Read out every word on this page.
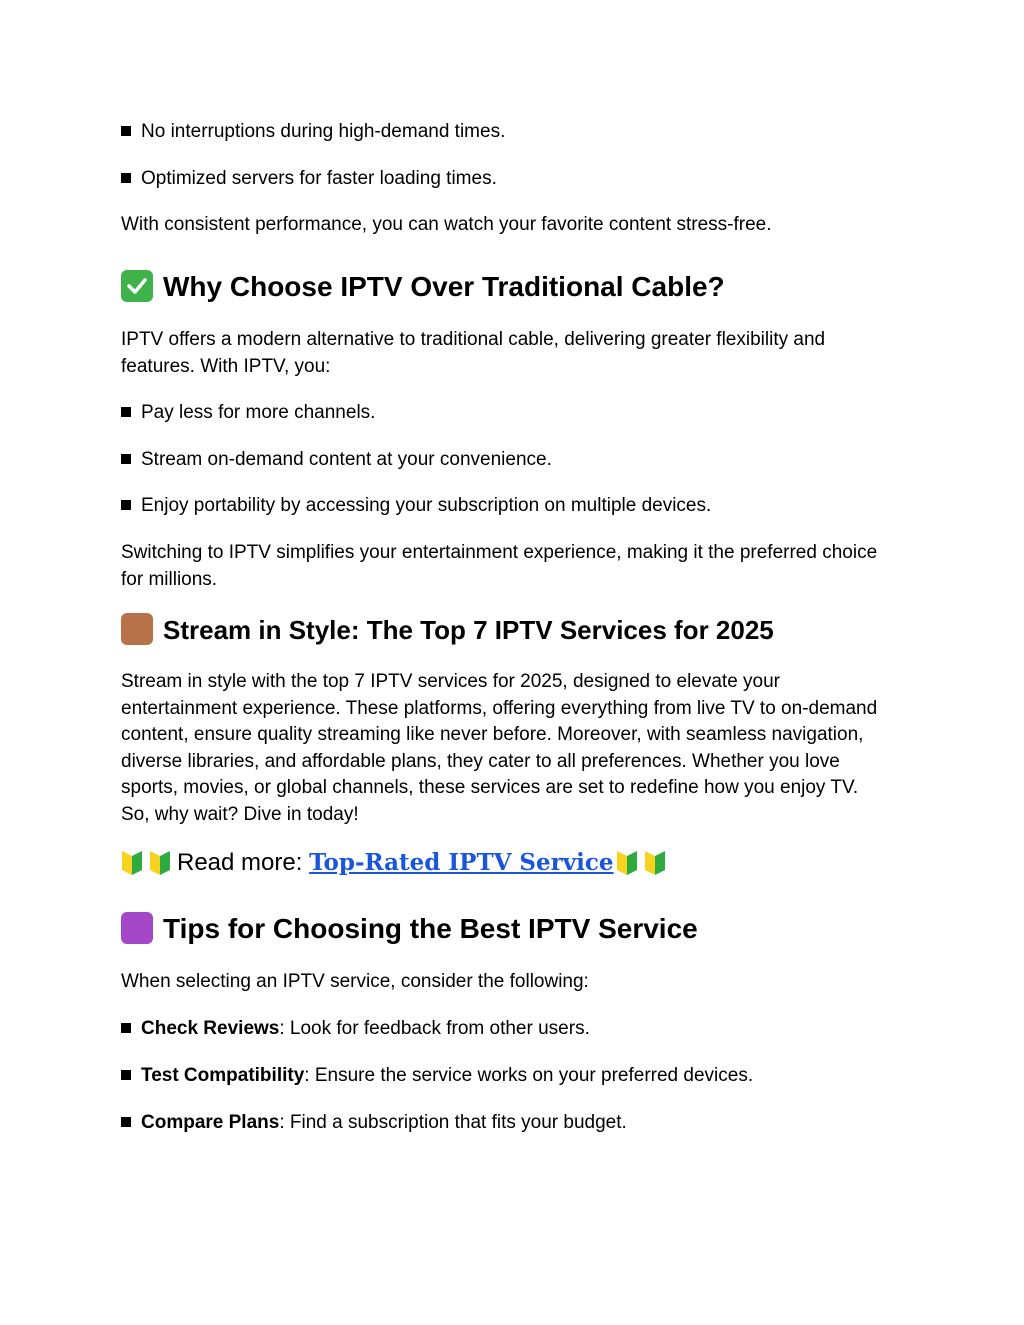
No interruptions during high-demand times.
Optimized servers for faster loading times.
With consistent performance, you can watch your favorite content stress-free.
Why Choose IPTV Over Traditional Cable?
IPTV offers a modern alternative to traditional cable, delivering greater flexibility and features. With IPTV, you:
Pay less for more channels.
Stream on-demand content at your convenience.
Enjoy portability by accessing your subscription on multiple devices.
Switching to IPTV simplifies your entertainment experience, making it the preferred choice for millions.
Stream in Style: The Top 7 IPTV Services for 2025
Stream in style with the top 7 IPTV services for 2025, designed to elevate your entertainment experience. These platforms, offering everything from live TV to on-demand content, ensure quality streaming like never before. Moreover, with seamless navigation, diverse libraries, and affordable plans, they cater to all preferences. Whether you love sports, movies, or global channels, these services are set to redefine how you enjoy TV. So, why wait? Dive in today!
Read more: Top-Rated IPTV Service
Tips for Choosing the Best IPTV Service
When selecting an IPTV service, consider the following:
Check Reviews: Look for feedback from other users.
Test Compatibility: Ensure the service works on your preferred devices.
Compare Plans: Find a subscription that fits your budget.
